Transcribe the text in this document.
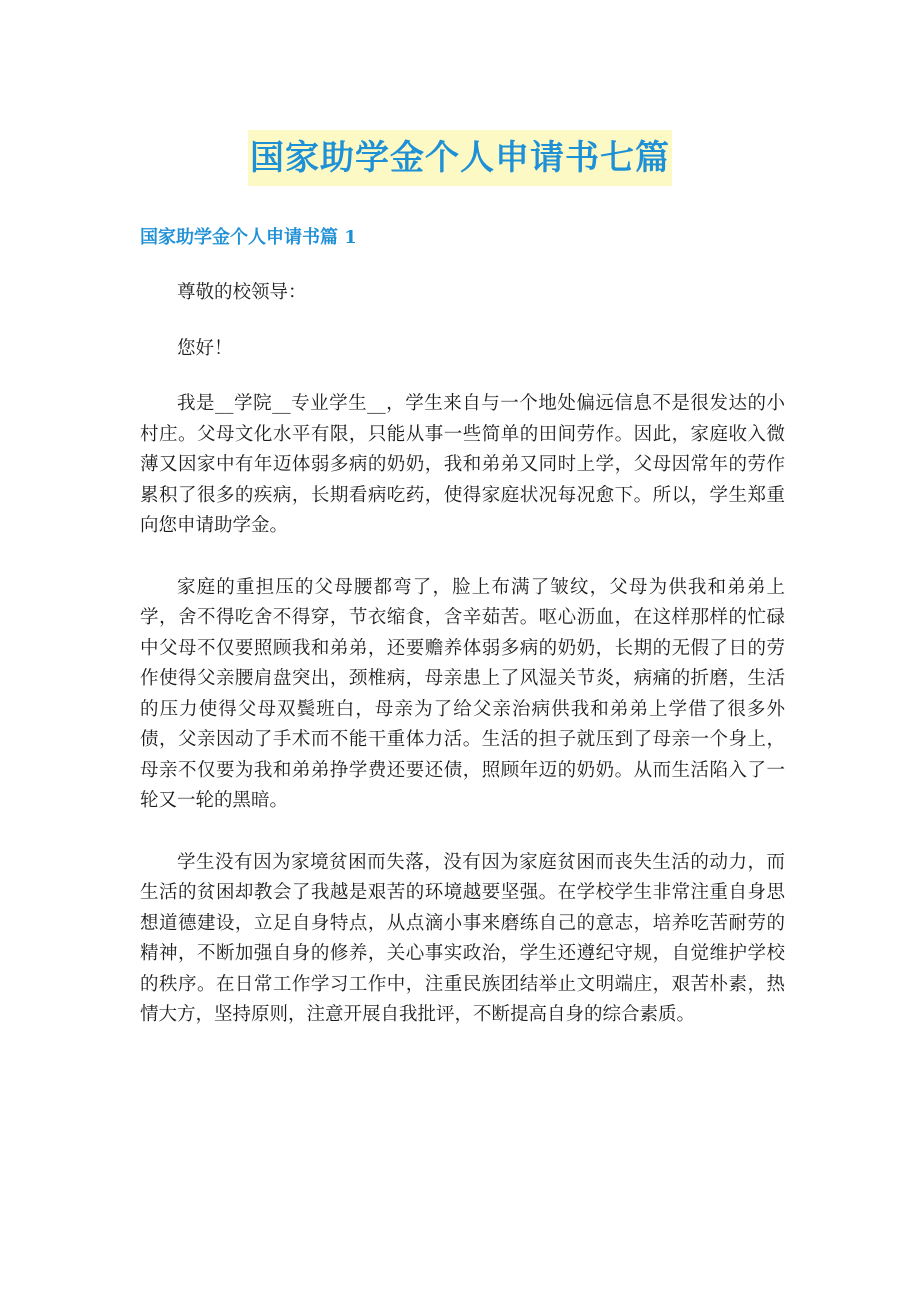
国家助学金个人申请书七篇
国家助学金个人申请书篇 1

尊敬的校领导：

您好！

我是__学院__专业学生__，学生来自与一个地处偏远信息不是很发达的小村庄。父母文化水平有限，只能从事一些简单的田间劳作。因此，家庭收入微薄又因家中有年迈体弱多病的奶奶，我和弟弟又同时上学，父母因常年的劳作累积了很多的疾病，长期看病吃药，使得家庭状况每况愈下。所以，学生郑重向您申请助学金。

家庭的重担压的父母腰都弯了，脸上布满了皱纹，父母为供我和弟弟上学，舍不得吃舍不得穿，节衣缩食，含辛茹苦。呕心沥血，在这样那样的忙碌中父母不仅要照顾我和弟弟，还要赡养体弱多病的奶奶，长期的无假了日的劳作使得父亲腰肩盘突出，颈椎病，母亲患上了风湿关节炎，病痛的折磨，生活的压力使得父母双鬓班白，母亲为了给父亲治病供我和弟弟上学借了很多外债，父亲因动了手术而不能干重体力活。生活的担子就压到了母亲一个身上，母亲不仅要为我和弟弟挣学费还要还债，照顾年迈的奶奶。从而生活陷入了一轮又一轮的黑暗。

学生没有因为家境贫困而失落，没有因为家庭贫困而丧失生活的动力，而生活的贫困却教会了我越是艰苦的环境越要坚强。在学校学生非常注重自身思想道德建设，立足自身特点，从点滴小事来磨练自己的意志，培养吃苦耐劳的精神，不断加强自身的修养，关心事实政治，学生还遵纪守规，自觉维护学校的秩序。在日常工作学习工作中，注重民族团结举止文明端庄，艰苦朴素，热情大方，坚持原则，注意开展自我批评，不断提高自身的综合素质。
